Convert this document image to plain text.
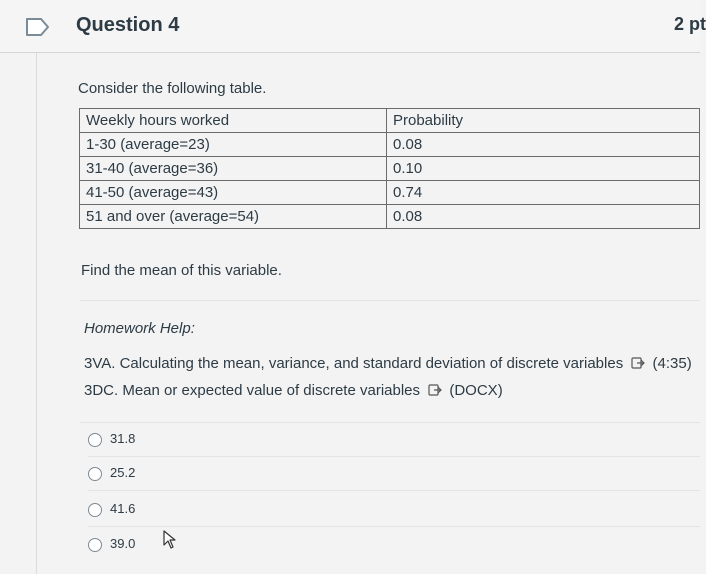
Question 4	2 pt
Consider the following table.
Weekly hours worked	Probability
1-30 (average=23)	0.08
31-40 (average=36)	0.10
41-50 (average=43)	0.74
51 and over (average=54)	0.08
Find the mean of this variable.
Homework Help:
3VA. Calculating the mean, variance, and standard deviation of discrete variables (4:35)
3DC. Mean or expected value of discrete variables (DOCX)
31.8
25.2
41.6
39.0
